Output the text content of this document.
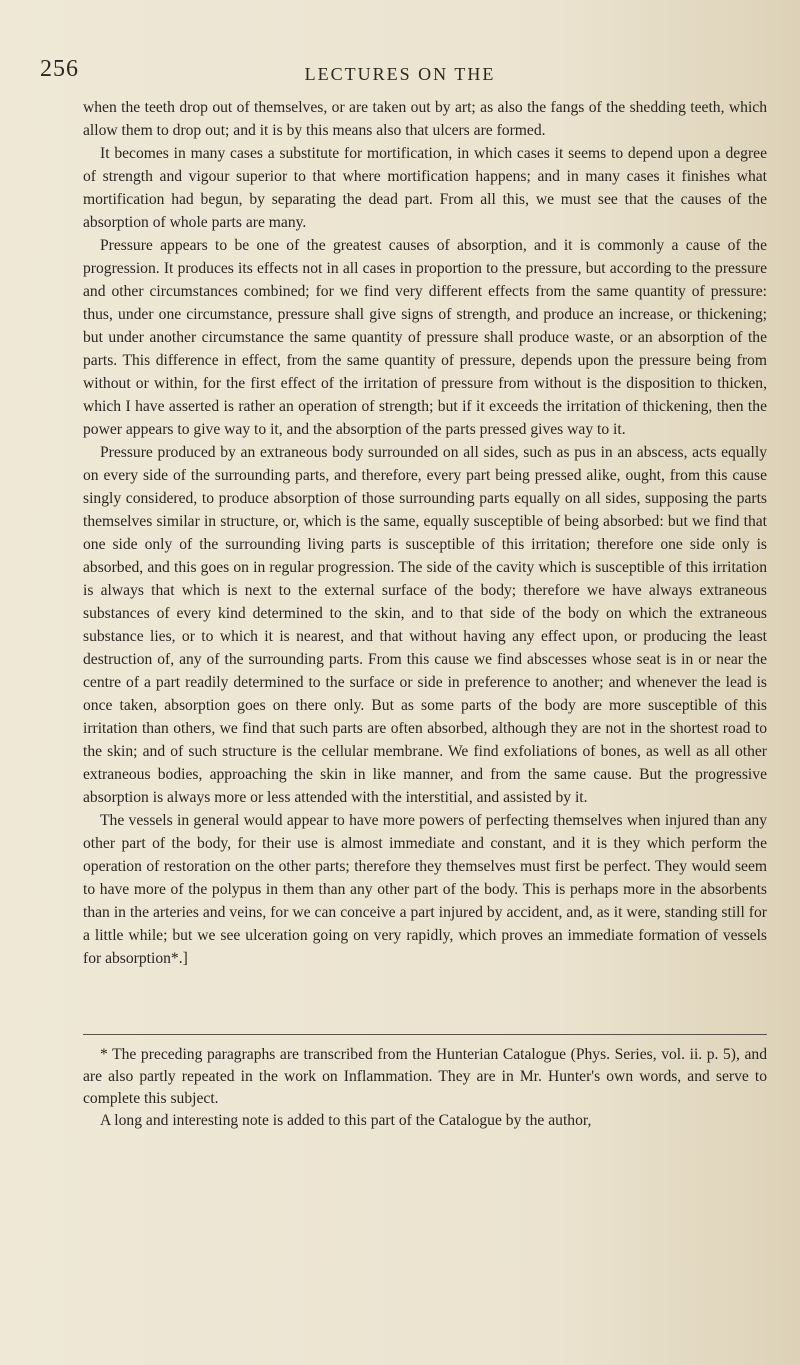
256	LECTURES ON THE

when the teeth drop out of themselves, or are taken out by art; as also the fangs of the shedding teeth, which allow them to drop out; and it is by this means also that ulcers are formed.

It becomes in many cases a substitute for mortification, in which cases it seems to depend upon a degree of strength and vigour superior to that where mortification happens; and in many cases it finishes what mortification had begun, by separating the dead part. From all this, we must see that the causes of the absorption of whole parts are many.

Pressure appears to be one of the greatest causes of absorption, and it is commonly a cause of the progression. It produces its effects not in all cases in proportion to the pressure, but according to the pressure and other circumstances combined; for we find very different effects from the same quantity of pressure: thus, under one circumstance, pressure shall give signs of strength, and produce an increase, or thickening; but under another circumstance the same quantity of pressure shall produce waste, or an absorption of the parts. This difference in effect, from the same quantity of pressure, depends upon the pressure being from without or within, for the first effect of the irritation of pressure from without is the disposition to thicken, which I have asserted is rather an operation of strength; but if it exceeds the irritation of thickening, then the power appears to give way to it, and the absorption of the parts pressed gives way to it.

Pressure produced by an extraneous body surrounded on all sides, such as pus in an abscess, acts equally on every side of the surrounding parts, and therefore, every part being pressed alike, ought, from this cause singly considered, to produce absorption of those surrounding parts equally on all sides, supposing the parts themselves similar in structure, or, which is the same, equally susceptible of being absorbed: but we find that one side only of the surrounding living parts is susceptible of this irritation; therefore one side only is absorbed, and this goes on in regular progression. The side of the cavity which is susceptible of this irritation is always that which is next to the external surface of the body; therefore we have always extraneous substances of every kind determined to the skin, and to that side of the body on which the extraneous substance lies, or to which it is nearest, and that without having any effect upon, or producing the least destruction of, any of the surrounding parts. From this cause we find abscesses whose seat is in or near the centre of a part readily determined to the surface or side in preference to another; and whenever the lead is once taken, absorption goes on there only. But as some parts of the body are more susceptible of this irritation than others, we find that such parts are often absorbed, although they are not in the shortest road to the skin; and of such structure is the cellular membrane. We find exfoliations of bones, as well as all other extraneous bodies, approaching the skin in like manner, and from the same cause. But the progressive absorption is always more or less attended with the interstitial, and assisted by it.

The vessels in general would appear to have more powers of perfecting themselves when injured than any other part of the body, for their use is almost immediate and constant, and it is they which perform the operation of restoration on the other parts; therefore they themselves must first be perfect. They would seem to have more of the polypus in them than any other part of the body. This is perhaps more in the absorbents than in the arteries and veins, for we can conceive a part injured by accident, and, as it were, standing still for a little while; but we see ulceration going on very rapidly, which proves an immediate formation of vessels for absorption*.]

* The preceding paragraphs are transcribed from the Hunterian Catalogue (Phys. Series, vol. ii. p. 5), and are also partly repeated in the work on Inflammation. They are in Mr. Hunter's own words, and serve to complete this subject.

A long and interesting note is added to this part of the Catalogue by the author,
